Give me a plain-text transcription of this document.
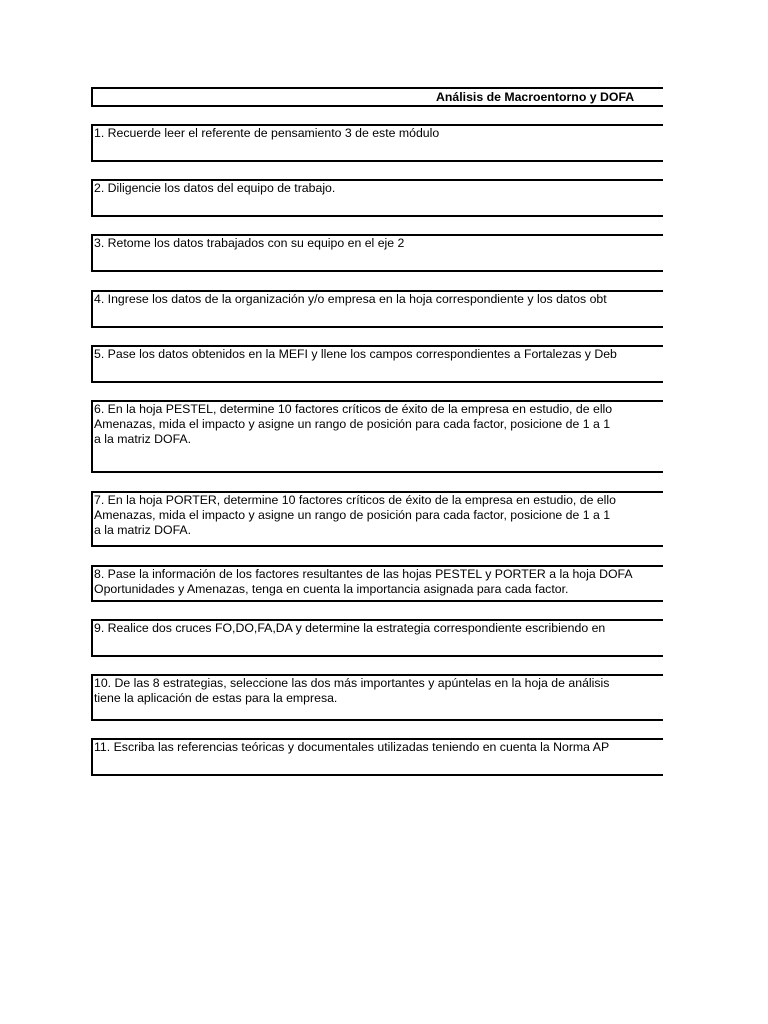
Análisis de Macroentorno y DOFA
1. Recuerde leer el referente de pensamiento 3 de este módulo
2. Diligencie los datos del equipo de trabajo.
3. Retome los datos trabajados con su equipo en el eje 2
4. Ingrese los datos de la organización y/o empresa en la hoja correspondiente y los datos obt
5. Pase los datos obtenidos en la MEFI y llene los campos correspondientes a Fortalezas y Deb
6. En la hoja PESTEL, determine 10 factores críticos de éxito de la empresa en estudio, de ello
Amenazas, mida el impacto y asigne un rango de posición para cada factor, posicione de 1 a 1
a la matriz DOFA.
7. En la hoja PORTER, determine 10 factores críticos de éxito de la empresa en estudio, de ello
Amenazas, mida el impacto y asigne un rango de posición para cada factor, posicione de 1 a 1
a la matriz DOFA.
8. Pase la información de los factores resultantes de las hojas PESTEL y PORTER a la hoja DOFA
Oportunidades y Amenazas, tenga en cuenta la importancia asignada para cada factor.
9. Realice dos cruces FO,DO,FA,DA y determine la estrategia correspondiente escribiendo en
10. De las 8 estrategias, seleccione las dos más importantes y apúntelas en la hoja de análisis
tiene la aplicación de estas para la empresa.
11. Escriba las referencias teóricas y documentales utilizadas teniendo en cuenta la Norma AP
